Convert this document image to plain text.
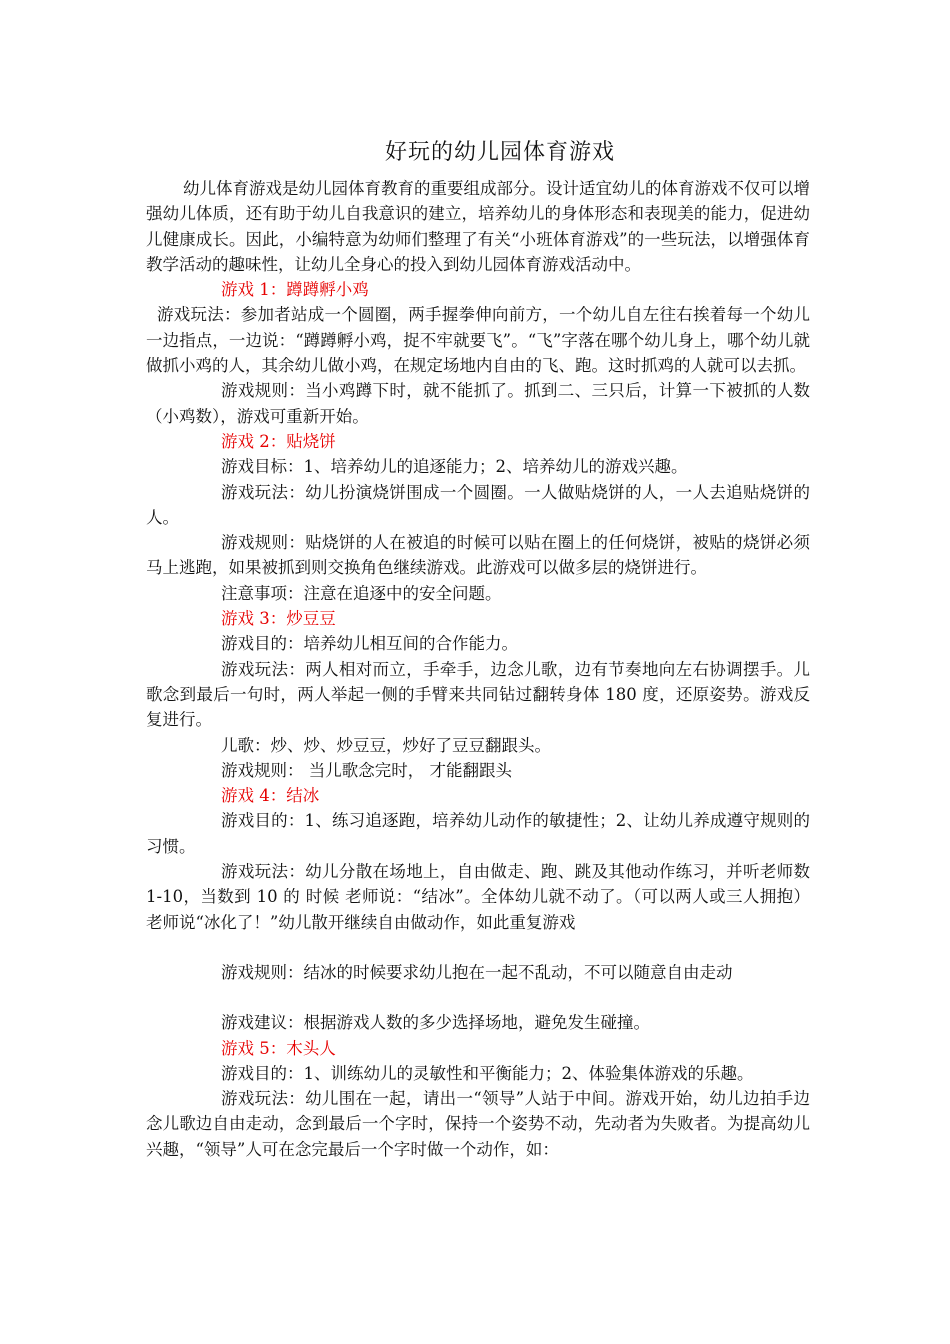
好玩的幼儿园体育游戏

幼儿体育游戏是幼儿园体育教育的重要组成部分。设计适宜幼儿的体育游戏不仅可以增强幼儿体质，还有助于幼儿自我意识的建立，培养幼儿的身体形态和表现美的能力，促进幼儿健康成长。因此，小编特意为幼师们整理了有关“小班体育游戏”的一些玩法，以增强体育教学活动的趣味性，让幼儿全身心的投入到幼儿园体育游戏活动中。

游戏 1：蹲蹲孵小鸡

游戏玩法：参加者站成一个圆圈，两手握拳伸向前方，一个幼儿自左往右挨着每一个幼儿一边指点，一边说：“蹲蹲孵小鸡，捉不牢就要飞”。“飞”字落在哪个幼儿身上，哪个幼儿就做抓小鸡的人，其余幼儿做小鸡，在规定场地内自由的飞、跑。这时抓鸡的人就可以去抓。

游戏规则：当小鸡蹲下时，就不能抓了。抓到二、三只后，计算一下被抓的人数（小鸡数），游戏可重新开始。

游戏 2：贴烧饼

游戏目标：1、培养幼儿的追逐能力；2、培养幼儿的游戏兴趣。

游戏玩法：幼儿扮演烧饼围成一个圆圈。一人做贴烧饼的人，一人去追贴烧饼的人。

游戏规则：贴烧饼的人在被追的时候可以贴在圈上的任何烧饼，被贴的烧饼必须马上逃跑，如果被抓到则交换角色继续游戏。此游戏可以做多层的烧饼进行。

注意事项：注意在追逐中的安全问题。

游戏 3：炒豆豆

游戏目的：培养幼儿相互间的合作能力。

游戏玩法：两人相对而立，手牵手，边念儿歌，边有节奏地向左右协调摆手。儿歌念到最后一句时，两人举起一侧的手臂来共同钻过翻转身体 180 度，还原姿势。游戏反复进行。

儿歌：炒、炒、炒豆豆，炒好了豆豆翻跟头。

游戏规则： 当儿歌念完时， 才能翻跟头

游戏 4：结冰

游戏目的：1、练习追逐跑，培养幼儿动作的敏捷性；2、让幼儿养成遵守规则的习惯。

游戏玩法：幼儿分散在场地上，自由做走、跑、跳及其他动作练习，并听老师数 1-10，当数到 10 的 时候 老师说：“结冰”。全体幼儿就不动了。（可以两人或三人拥抱）老师说“冰化了！”幼儿散开继续自由做动作，如此重复游戏

游戏规则：结冰的时候要求幼儿抱在一起不乱动，不可以随意自由走动

游戏建议：根据游戏人数的多少选择场地，避免发生碰撞。

游戏 5：木头人

游戏目的：1、训练幼儿的灵敏性和平衡能力；2、体验集体游戏的乐趣。

游戏玩法：幼儿围在一起，请出一“领导”人站于中间。游戏开始，幼儿边拍手边念儿歌边自由走动，念到最后一个字时，保持一个姿势不动，先动者为失败者。为提高幼儿兴趣，“领导”人可在念完最后一个字时做一个动作，如：
